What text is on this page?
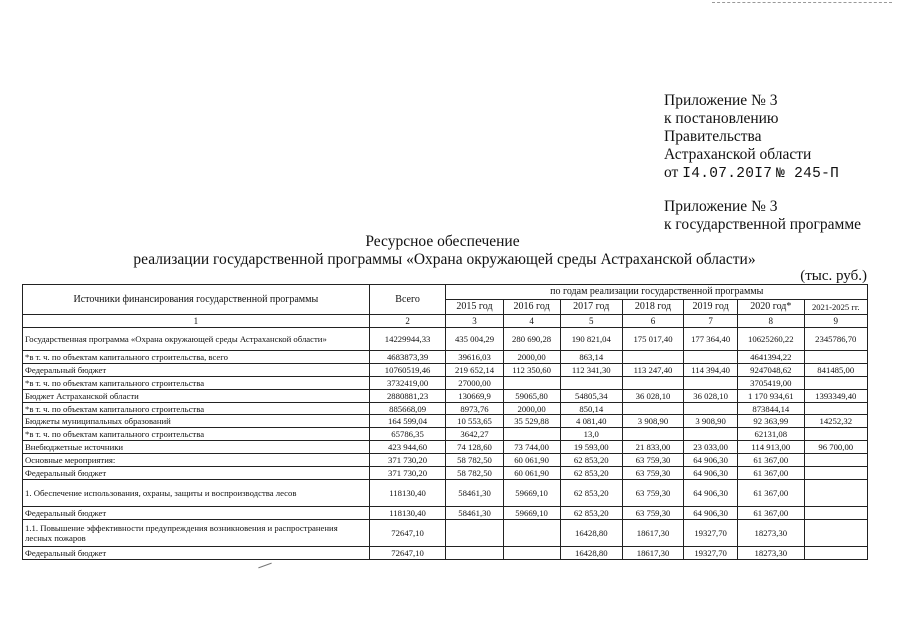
Приложение № 3
к постановлению
Правительства
Астраханской области
от I4.07.20I7 № 245-П
Приложение № 3
к государственной программе
Ресурсное обеспечение
реализации государственной программы «Охрана окружающей среды Астраханской области»
(тыс. руб.)
Источники финансирования государственной программы	Всего	по годам реализации государственной программы						
		2015 год	2016 год	2017 год	2018 год	2019 год	2020 год*	2021-2025 гг.
1	2	3	4	5	6	7	8	9
Государственная программа «Охрана окружающей среды Астраханской области»	14229944,33	435 004,29	280 690,28	190 821,04	175 017,40	177 364,40	10625260,22	2345786,70
*в т. ч. по объектам капитального строительства, всего	4683873,39	39616,03	2000,00	863,14			4641394,22	
Федеральный бюджет	10760519,46	219 652,14	112 350,60	112 341,30	113 247,40	114 394,40	9247048,62	841485,00
*в т. ч. по объектам капитального строительства	3732419,00	27000,00					3705419,00	
Бюджет Астраханской области	2880881,23	130669,9	59065,80	54805,34	36 028,10	36 028,10	1 170 934,61	1393349,40
*в т. ч. по объектам капитального строительства	885668,09	8973,76	2000,00	850,14			873844,14	
Бюджеты муниципальных образований	164 599,04	10 553,65	35 529,88	4 081,40	3 908,90	3 908,90	92 363,99	14252,32
*в т. ч. по объектам капитального строительства	65786,35	3642,27		13,0			62131,08	
Внебюджетные источники	423 944,60	74 128,60	73 744,00	19 593,00	21 833,00	23 033,00	114 913,00	96 700,00
Основные мероприятия:	371 730,20	58 782,50	60 061,90	62 853,20	63 759,30	64 906,30	61 367,00	
Федеральный бюджет	371 730,20	58 782,50	60 061,90	62 853,20	63 759,30	64 906,30	61 367,00	
1. Обеспечение использования, охраны, защиты и воспроизводства лесов	118130,40	58461,30	59669,10	62 853,20	63 759,30	64 906,30	61 367,00	
Федеральный бюджет	118130,40	58461,30	59669,10	62 853,20	63 759,30	64 906,30	61 367,00	
1.1. Повышение эффективности предупреждения возникновения и распространения лесных пожаров	72647,10			16428,80	18617,30	19327,70	18273,30	
Федеральный бюджет	72647,10			16428,80	18617,30	19327,70	18273,30	
